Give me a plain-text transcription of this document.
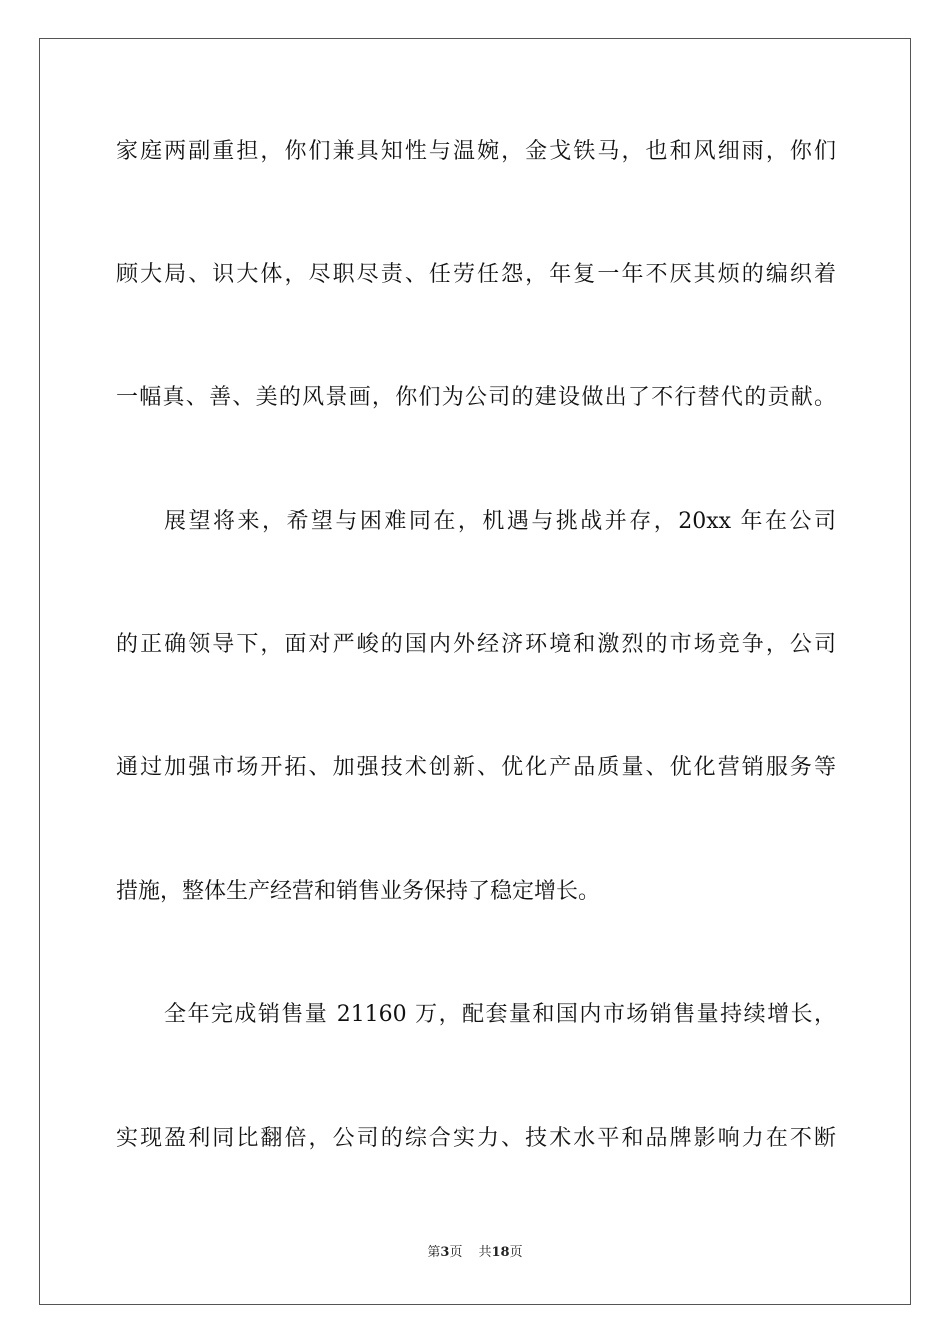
家庭两副重担，你们兼具知性与温婉，金戈铁马，也和风细雨，你们
顾大局、识大体，尽职尽责、任劳任怨，年复一年不厌其烦的编织着
一幅真、善、美的风景画，你们为公司的建设做出了不行替代的贡献。
展望将来，希望与困难同在，机遇与挑战并存，20xx 年在公司
的正确领导下，面对严峻的国内外经济环境和激烈的市场竞争，公司
通过加强市场开拓、加强技术创新、优化产品质量、优化营销服务等
措施，整体生产经营和销售业务保持了稳定增长。
全年完成销售量 21160 万，配套量和国内市场销售量持续增长，
实现盈利同比翻倍，公司的综合实力、技术水平和品牌影响力在不断
第3页 共18页
